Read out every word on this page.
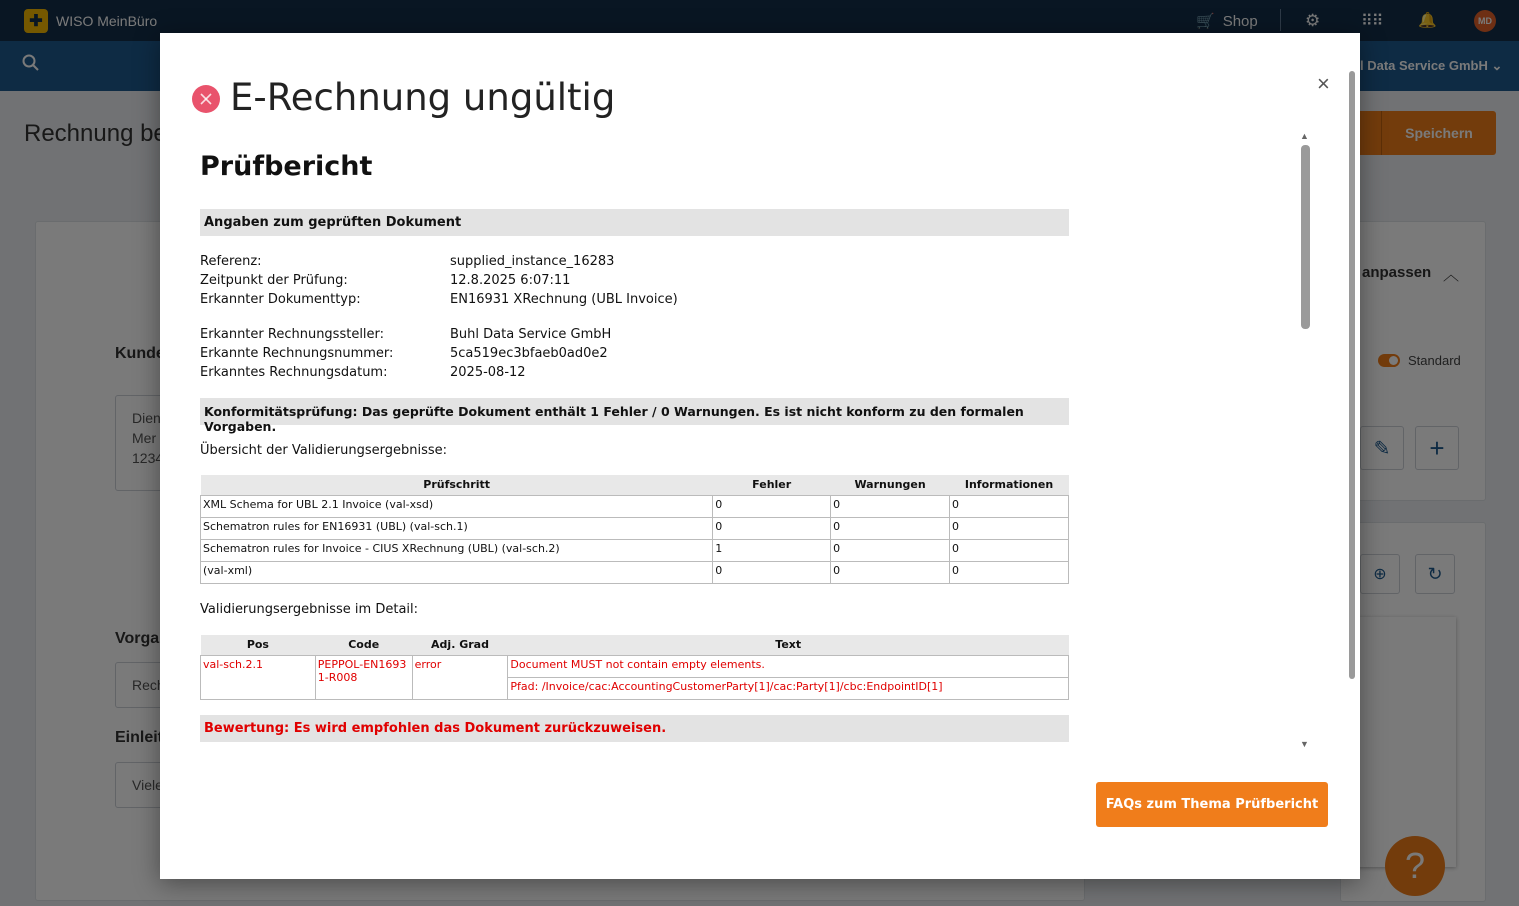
E-Rechnung ungültig	×
Prüfbericht
Angaben zum geprüften Dokument
Referenz:	supplied_instance_16283
Zeitpunkt der Prüfung:	12.8.2025 6:07:11
Erkannter Dokumenttyp:	EN16931 XRechnung (UBL Invoice)
Erkannter Rechnungssteller:	Buhl Data Service GmbH
Erkannte Rechnungsnummer:	5ca519ec3bfaeb0ad0e2
Erkanntes Rechnungsdatum:	2025-08-12
Konformitätsprüfung: Das geprüfte Dokument enthält 1 Fehler / 0 Warnungen. Es ist nicht konform zu den formalen Vorgaben.
Übersicht der Validierungsergebnisse:
Prüfschritt	Fehler	Warnungen	Informationen
XML Schema for UBL 2.1 Invoice (val-xsd)	0	0	0
Schematron rules for EN16931 (UBL) (val-sch.1)	0	0	0
Schematron rules for Invoice - CIUS XRechnung (UBL) (val-sch.2)	1	0	0
(val-xml)	0	0	0
Validierungsergebnisse im Detail:
Pos	Code	Adj. Grad	Text
val-sch.2.1	PEPPOL-EN16931-R008	error	Document MUST not contain empty elements.
			Pfad: /Invoice/cac:AccountingCustomerParty[1]/cac:Party[1]/cbc:EndpointID[1]
Bewertung: Es wird empfohlen das Dokument zurückzuweisen.
▲
▼
FAQs zum Thema Prüfbericht
